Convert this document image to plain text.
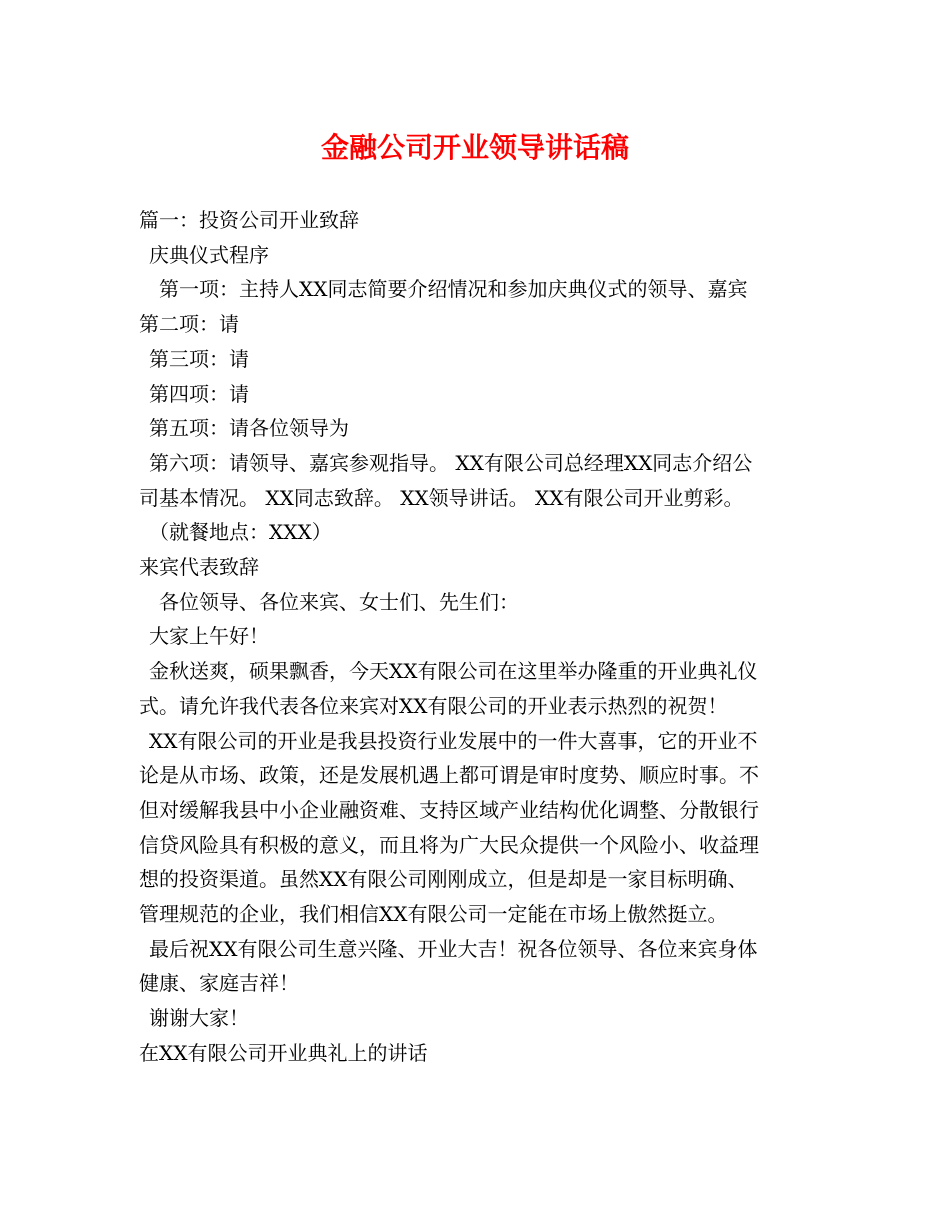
金融公司开业领导讲话稿

篇一：投资公司开业致辞

庆典仪式程序

第一项：主持人XX同志简要介绍情况和参加庆典仪式的领导、嘉宾

第二项：请

第三项：请

第四项：请

第五项：请各位领导为

第六项：请领导、嘉宾参观指导。 XX有限公司总经理XX同志介绍公

司基本情况。 XX同志致辞。 XX领导讲话。 XX有限公司开业剪彩。

（就餐地点：XXX）

来宾代表致辞

各位领导、各位来宾、女士们、先生们：

大家上午好！

金秋送爽，硕果飘香，今天XX有限公司在这里举办隆重的开业典礼仪

式。请允许我代表各位来宾对XX有限公司的开业表示热烈的祝贺！

XX有限公司的开业是我县投资行业发展中的一件大喜事，它的开业不

论是从市场、政策，还是发展机遇上都可谓是审时度势、顺应时事。不

但对缓解我县中小企业融资难、支持区域产业结构优化调整、分散银行

信贷风险具有积极的意义，而且将为广大民众提供一个风险小、收益理

想的投资渠道。虽然XX有限公司刚刚成立，但是却是一家目标明确、

管理规范的企业，我们相信XX有限公司一定能在市场上傲然挺立。

最后祝XX有限公司生意兴隆、开业大吉！祝各位领导、各位来宾身体

健康、家庭吉祥！

谢谢大家！

在XX有限公司开业典礼上的讲话
